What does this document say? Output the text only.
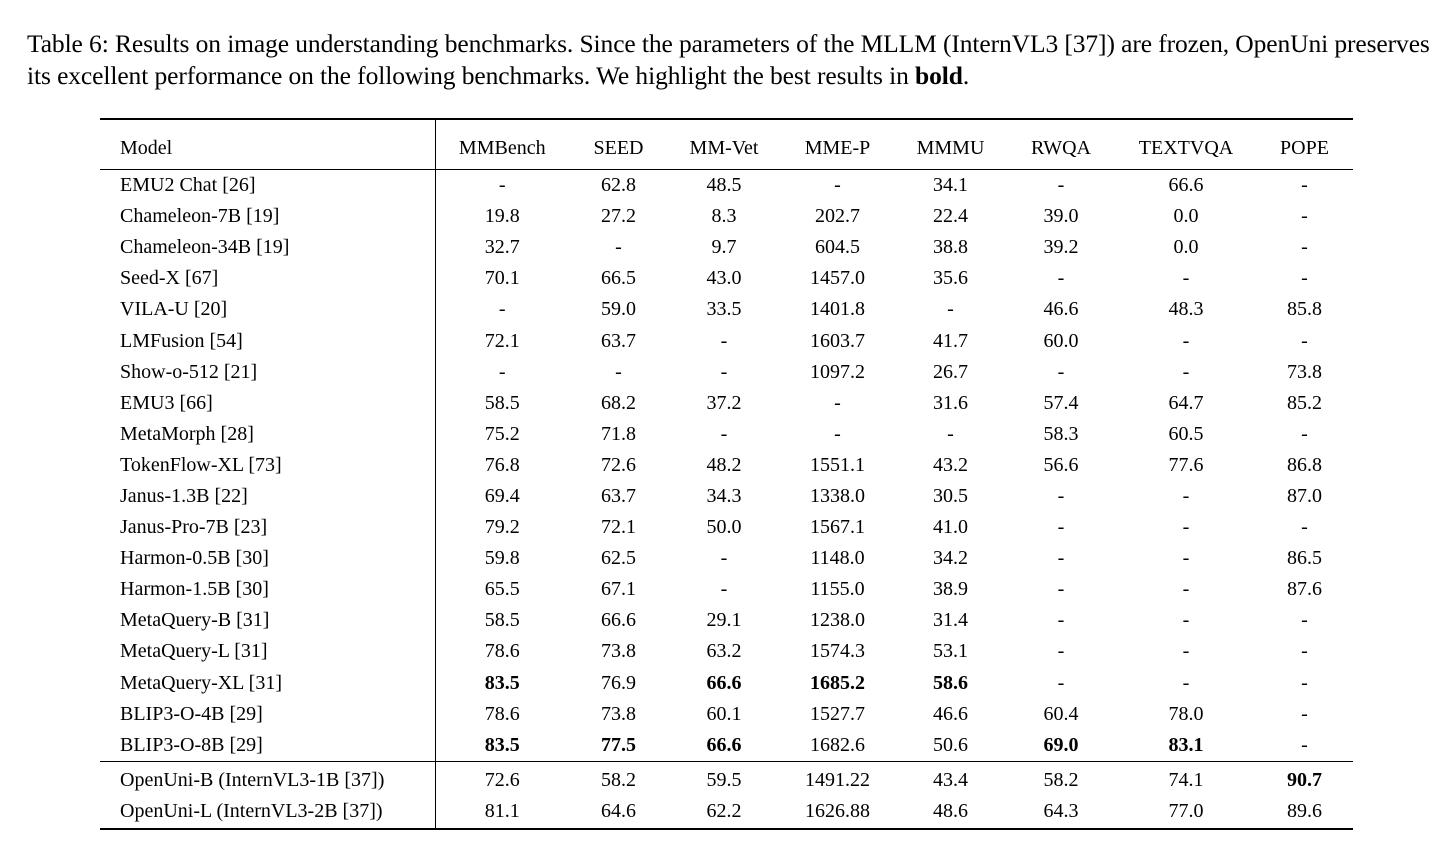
Table 6: Results on image understanding benchmarks. Since the parameters of the MLLM (InternVL3 [37]) are frozen, OpenUni preserves its excellent performance on the following benchmarks. We highlight the best results in bold.
Model	MMBench	SEED	MM-Vet	MME-P	MMMU	RWQA	TEXTVQA	POPE
EMU2 Chat [26]	-	62.8	48.5	-	34.1	-	66.6	-
Chameleon-7B [19]	19.8	27.2	8.3	202.7	22.4	39.0	0.0	-
Chameleon-34B [19]	32.7	-	9.7	604.5	38.8	39.2	0.0	-
Seed-X [67]	70.1	66.5	43.0	1457.0	35.6	-	-	-
VILA-U [20]	-	59.0	33.5	1401.8	-	46.6	48.3	85.8
LMFusion [54]	72.1	63.7	-	1603.7	41.7	60.0	-	-
Show-o-512 [21]	-	-	-	1097.2	26.7	-	-	73.8
EMU3 [66]	58.5	68.2	37.2	-	31.6	57.4	64.7	85.2
MetaMorph [28]	75.2	71.8	-	-	-	58.3	60.5	-
TokenFlow-XL [73]	76.8	72.6	48.2	1551.1	43.2	56.6	77.6	86.8
Janus-1.3B [22]	69.4	63.7	34.3	1338.0	30.5	-	-	87.0
Janus-Pro-7B [23]	79.2	72.1	50.0	1567.1	41.0	-	-	-
Harmon-0.5B [30]	59.8	62.5	-	1148.0	34.2	-	-	86.5
Harmon-1.5B [30]	65.5	67.1	-	1155.0	38.9	-	-	87.6
MetaQuery-B [31]	58.5	66.6	29.1	1238.0	31.4	-	-	-
MetaQuery-L [31]	78.6	73.8	63.2	1574.3	53.1	-	-	-
MetaQuery-XL [31]	83.5	76.9	66.6	1685.2	58.6	-	-	-
BLIP3-O-4B [29]	78.6	73.8	60.1	1527.7	46.6	60.4	78.0	-
BLIP3-O-8B [29]	83.5	77.5	66.6	1682.6	50.6	69.0	83.1	-
OpenUni-B (InternVL3-1B [37])	72.6	58.2	59.5	1491.22	43.4	58.2	74.1	90.7
OpenUni-L (InternVL3-2B [37])	81.1	64.6	62.2	1626.88	48.6	64.3	77.0	89.6
